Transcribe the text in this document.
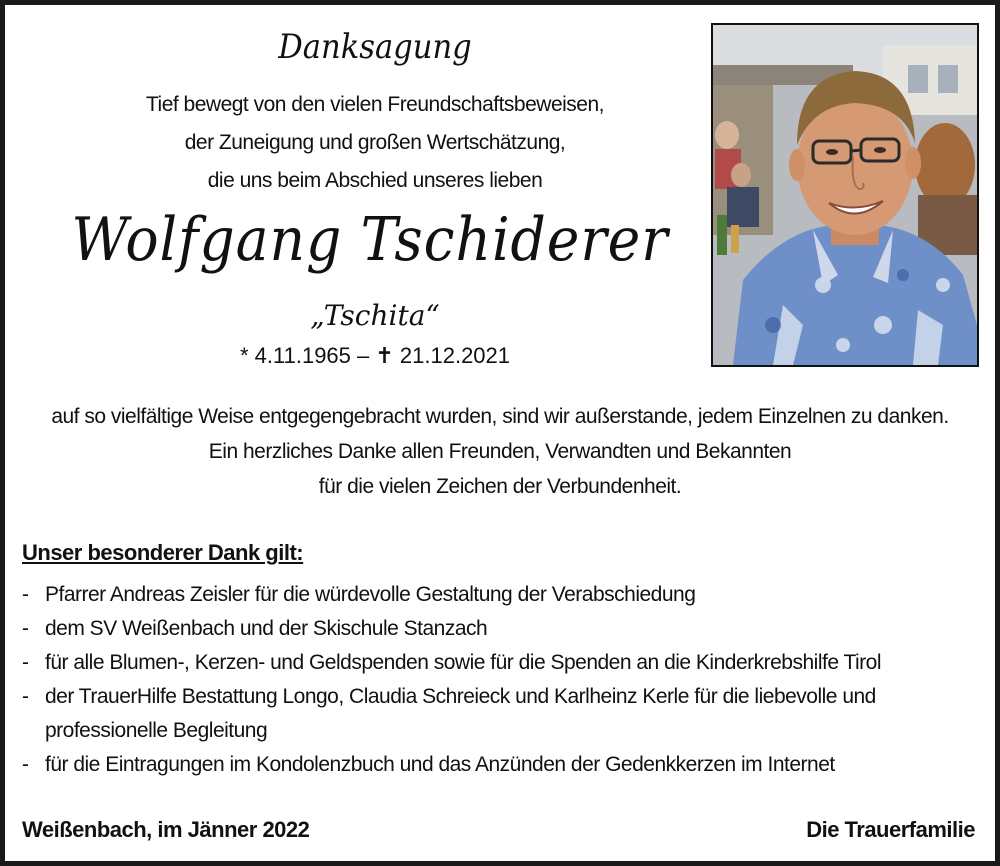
Danksagung
Tief bewegt von den vielen Freundschaftsbeweisen,
der Zuneigung und großen Wertschätzung,
die uns beim Abschied unseres lieben
Wolfgang Tschiderer
„Tschita“
* 4.11.1965 – ✝ 21.12.2021
auf so vielfältige Weise entgegengebracht wurden, sind wir außerstande, jedem Einzelnen zu danken.
Ein herzliches Danke allen Freunden, Verwandten und Bekannten
für die vielen Zeichen der Verbundenheit.
Unser besonderer Dank gilt:
- Pfarrer Andreas Zeisler für die würdevolle Gestaltung der Verabschiedung
- dem SV Weißenbach und der Skischule Stanzach
- für alle Blumen-, Kerzen- und Geldspenden sowie für die Spenden an die Kinderkrebshilfe Tirol
- der TrauerHilfe Bestattung Longo, Claudia Schreieck und Karlheinz Kerle für die liebevolle und
professionelle Begleitung
- für die Eintragungen im Kondolenzbuch und das Anzünden der Gedenkkerzen im Internet
Weißenbach, im Jänner 2022	Die Trauerfamilie
